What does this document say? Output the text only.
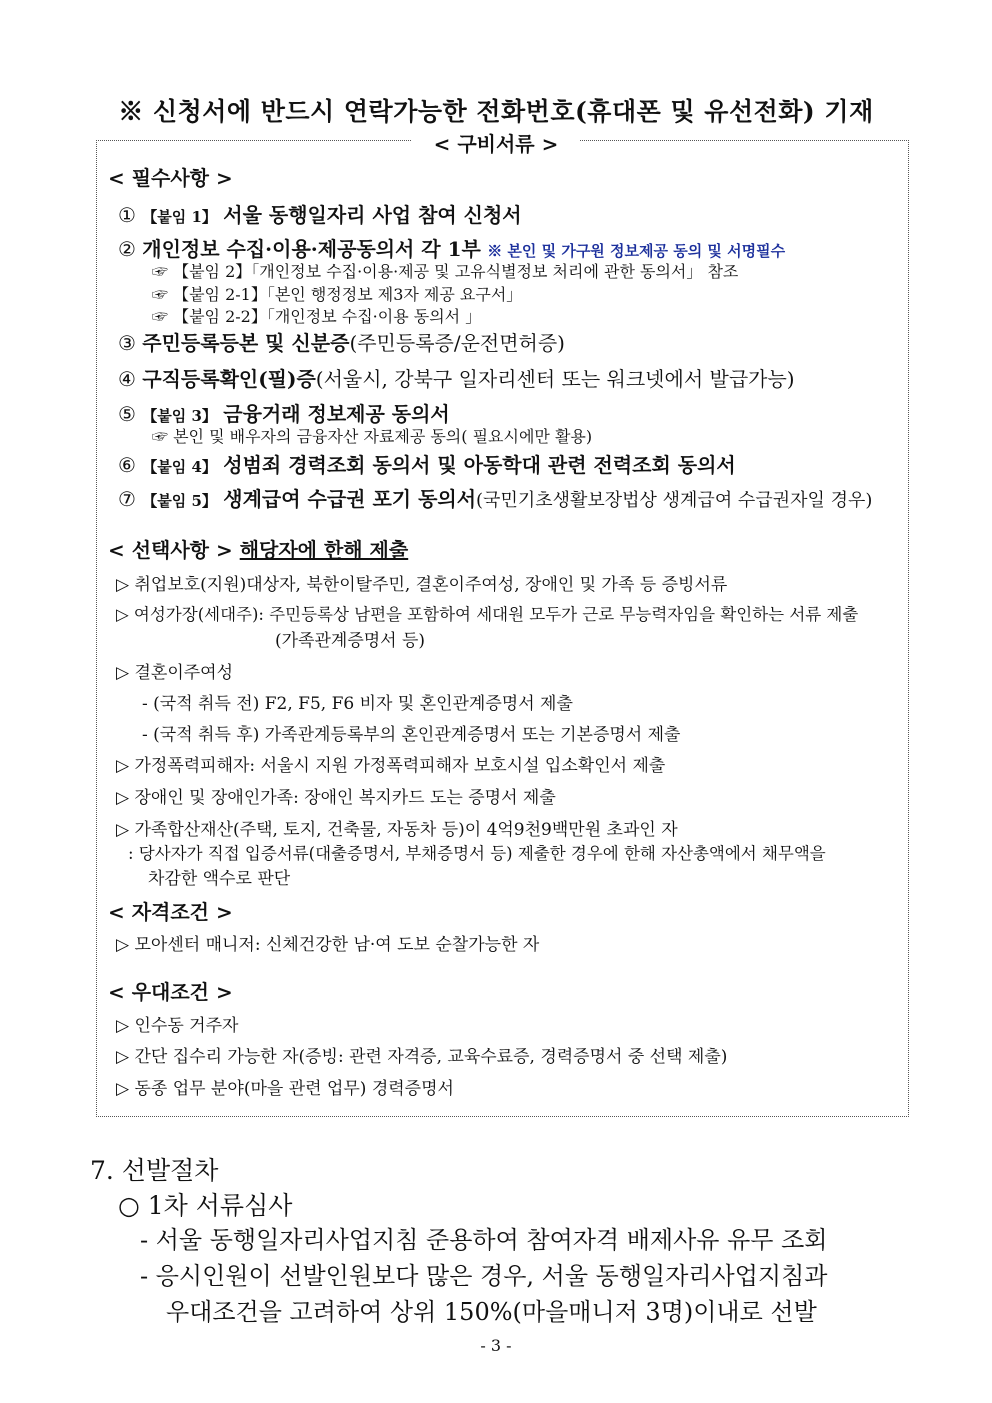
※ 신청서에 반드시 연락가능한 전화번호(휴대폰 및 유선전화) 기재
< 구비서류 >
< 필수사항 >
① 【붙임 1】 서울 동행일자리 사업 참여 신청서
② 개인정보 수집·이용·제공동의서 각 1부 ※ 본인 및 가구원 정보제공 동의 및 서명필수
☞ 【붙임 2】「개인정보 수집·이용·제공 및 고유식별정보 처리에 관한 동의서」 참조
☞ 【붙임 2-1】「본인 행정정보 제3자 제공 요구서」
☞ 【붙임 2-2】「개인정보 수집·이용 동의서 」
③ 주민등록등본 및 신분증(주민등록증/운전면허증)
④ 구직등록확인(필)증(서울시, 강북구 일자리센터 또는 워크넷에서 발급가능)
⑤ 【붙임 3】 금융거래 정보제공 동의서
☞ 본인 및 배우자의 금융자산 자료제공 동의( 필요시에만 활용)
⑥ 【붙임 4】 성범죄 경력조회 동의서 및 아동학대 관련 전력조회 동의서
⑦ 【붙임 5】 생계급여 수급권 포기 동의서(국민기초생활보장법상 생계급여 수급권자일 경우)
< 선택사항 > 해당자에 한해 제출
▷ 취업보호(지원)대상자, 북한이탈주민, 결혼이주여성, 장애인 및 가족 등 증빙서류
▷ 여성가장(세대주): 주민등록상 남편을 포함하여 세대원 모두가 근로 무능력자임을 확인하는 서류 제출
(가족관계증명서 등)
▷ 결혼이주여성
- (국적 취득 전) F2, F5, F6 비자 및 혼인관계증명서 제출
- (국적 취득 후) 가족관계등록부의 혼인관계증명서 또는 기본증명서 제출
▷ 가정폭력피해자: 서울시 지원 가정폭력피해자 보호시설 입소확인서 제출
▷ 장애인 및 장애인가족: 장애인 복지카드 도는 증명서 제출
▷ 가족합산재산(주택, 토지, 건축물, 자동차 등)이 4억9천9백만원 초과인 자
: 당사자가 직접 입증서류(대출증명서, 부채증명서 등) 제출한 경우에 한해 자산총액에서 채무액을
차감한 액수로 판단
< 자격조건 >
▷ 모아센터 매니저: 신체건강한 남·여 도보 순찰가능한 자
< 우대조건 >
▷ 인수동 거주자
▷ 간단 집수리 가능한 자(증빙: 관련 자격증, 교육수료증, 경력증명서 중 선택 제출)
▷ 동종 업무 분야(마을 관련 업무) 경력증명서
7. 선발절차
○ 1차 서류심사
- 서울 동행일자리사업지침 준용하여 참여자격 배제사유 유무 조회
- 응시인원이 선발인원보다 많은 경우, 서울 동행일자리사업지침과
우대조건을 고려하여 상위 150%(마을매니저 3명)이내로 선발
- 3 -
